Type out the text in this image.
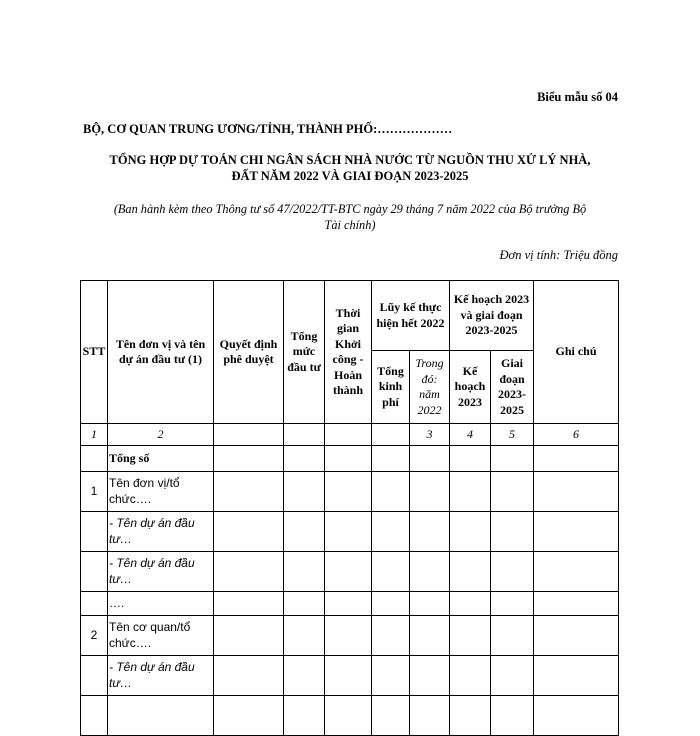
Biểu mẫu số 04
BỘ, CƠ QUAN TRUNG ƯƠNG/TỈNH, THÀNH PHỐ:………………
TỔNG HỢP DỰ TOÁN CHI NGÂN SÁCH NHÀ NƯỚC TỪ NGUỒN THU XỬ LÝ NHÀ,
ĐẤT NĂM 2022 VÀ GIAI ĐOẠN 2023-2025
(Ban hành kèm theo Thông tư số 47/2022/TT-BTC ngày 29 tháng 7 năm 2022 của Bộ trưởng Bộ
Tài chính)
Đơn vị tính: Triệu đồng
STT	Tên đơn vị và tên dự án đầu tư (1)	Quyết định phê duyệt	Tổng mức đầu tư	Thời gian Khởi công - Hoàn thành	Lũy kế thực hiện hết 2022		Kế hoạch 2023 và giai đoạn 2023-2025		Ghi chú
					Tổng kinh phí	Trong đó: năm 2022	Kế hoạch 2023	Giai đoạn 2023-2025	
1	2					3	4	5	6
	Tổng số								
1	Tên đơn vị/tổ chức….								
	- Tên dự án đầu tư…								
	- Tên dự án đầu tư…								
	….								
2	Tên cơ quan/tổ chức….								
	- Tên dự án đầu tư…								
